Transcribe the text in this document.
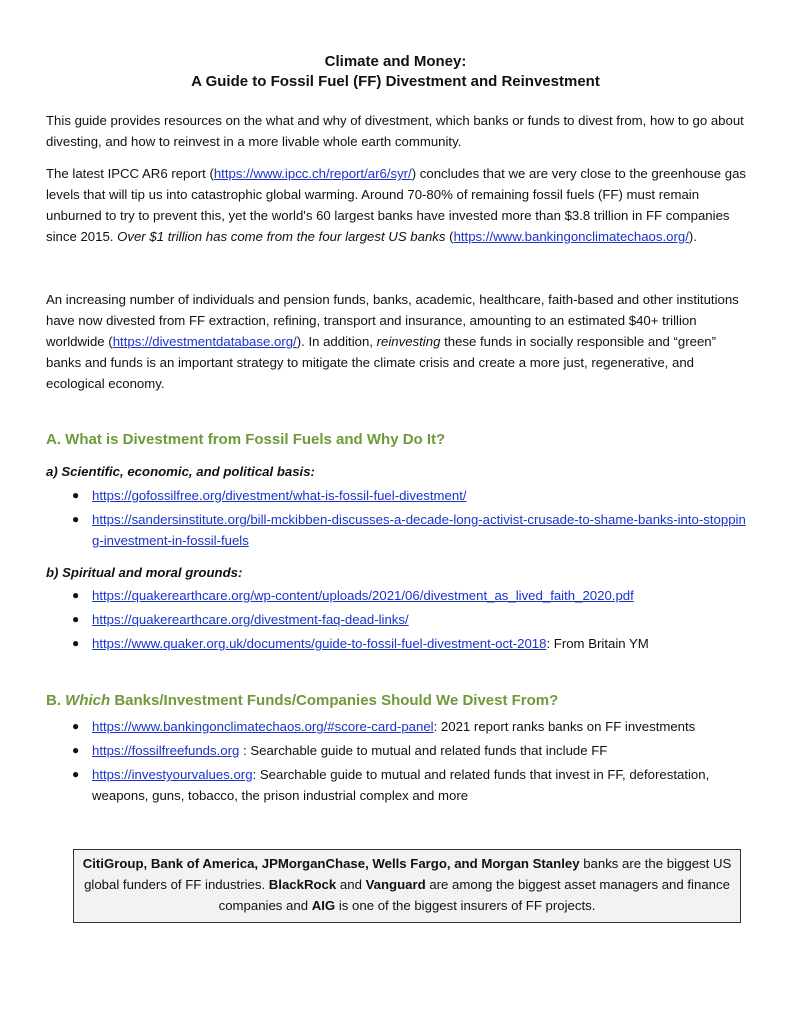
Climate and Money:
A Guide to Fossil Fuel (FF) Divestment and Reinvestment

This guide provides resources on the what and why of divestment, which banks or funds to divest from, how to go about divesting, and how to reinvest in a more livable whole earth community.

The latest IPCC AR6 report (https://www.ipcc.ch/report/ar6/syr/) concludes that we are very close to the greenhouse gas levels that will tip us into catastrophic global warming. Around 70-80% of remaining fossil fuels (FF) must remain unburned to try to prevent this, yet the world's 60 largest banks have invested more than $3.8 trillion in FF companies since 2015. Over $1 trillion has come from the four largest US banks (https://www.bankingonclimatechaos.org/).

An increasing number of individuals and pension funds, banks, academic, healthcare, faith-based and other institutions have now divested from FF extraction, refining, transport and insurance, amounting to an estimated $40+ trillion worldwide (https://divestmentdatabase.org/). In addition, reinvesting these funds in socially responsible and “green” banks and funds is an important strategy to mitigate the climate crisis and create a more just, regenerative, and ecological economy.

A. What is Divestment from Fossil Fuels and Why Do It?

a) Scientific, economic, and political basis:

● https://gofossilfree.org/divestment/what-is-fossil-fuel-divestment/
● https://sandersinstitute.org/bill-mckibben-discusses-a-decade-long-activist-crusade-to-shame-banks-into-stopping-investment-in-fossil-fuels

b) Spiritual and moral grounds:

● https://quakerearthcare.org/wp-content/uploads/2021/06/divestment_as_lived_faith_2020.pdf
● https://quakerearthcare.org/divestment-faq-dead-links/
● https://www.quaker.org.uk/documents/guide-to-fossil-fuel-divestment-oct-2018: From Britain YM
B. Which Banks/Investment Funds/Companies Should We Divest From?
● https://www.bankingonclimatechaos.org/#score-card-panel: 2021 report ranks banks on FF investments
● https://fossilfreefunds.org : Searchable guide to mutual and related funds that include FF
● https://investyourvalues.org: Searchable guide to mutual and related funds that invest in FF, deforestation, weapons, guns, tobacco, the prison industrial complex and more
CitiGroup, Bank of America, JPMorganChase, Wells Fargo, and Morgan Stanley banks are the biggest US global funders of FF industries. BlackRock and Vanguard are among the biggest asset managers and finance companies and AIG is one of the biggest insurers of FF projects.
